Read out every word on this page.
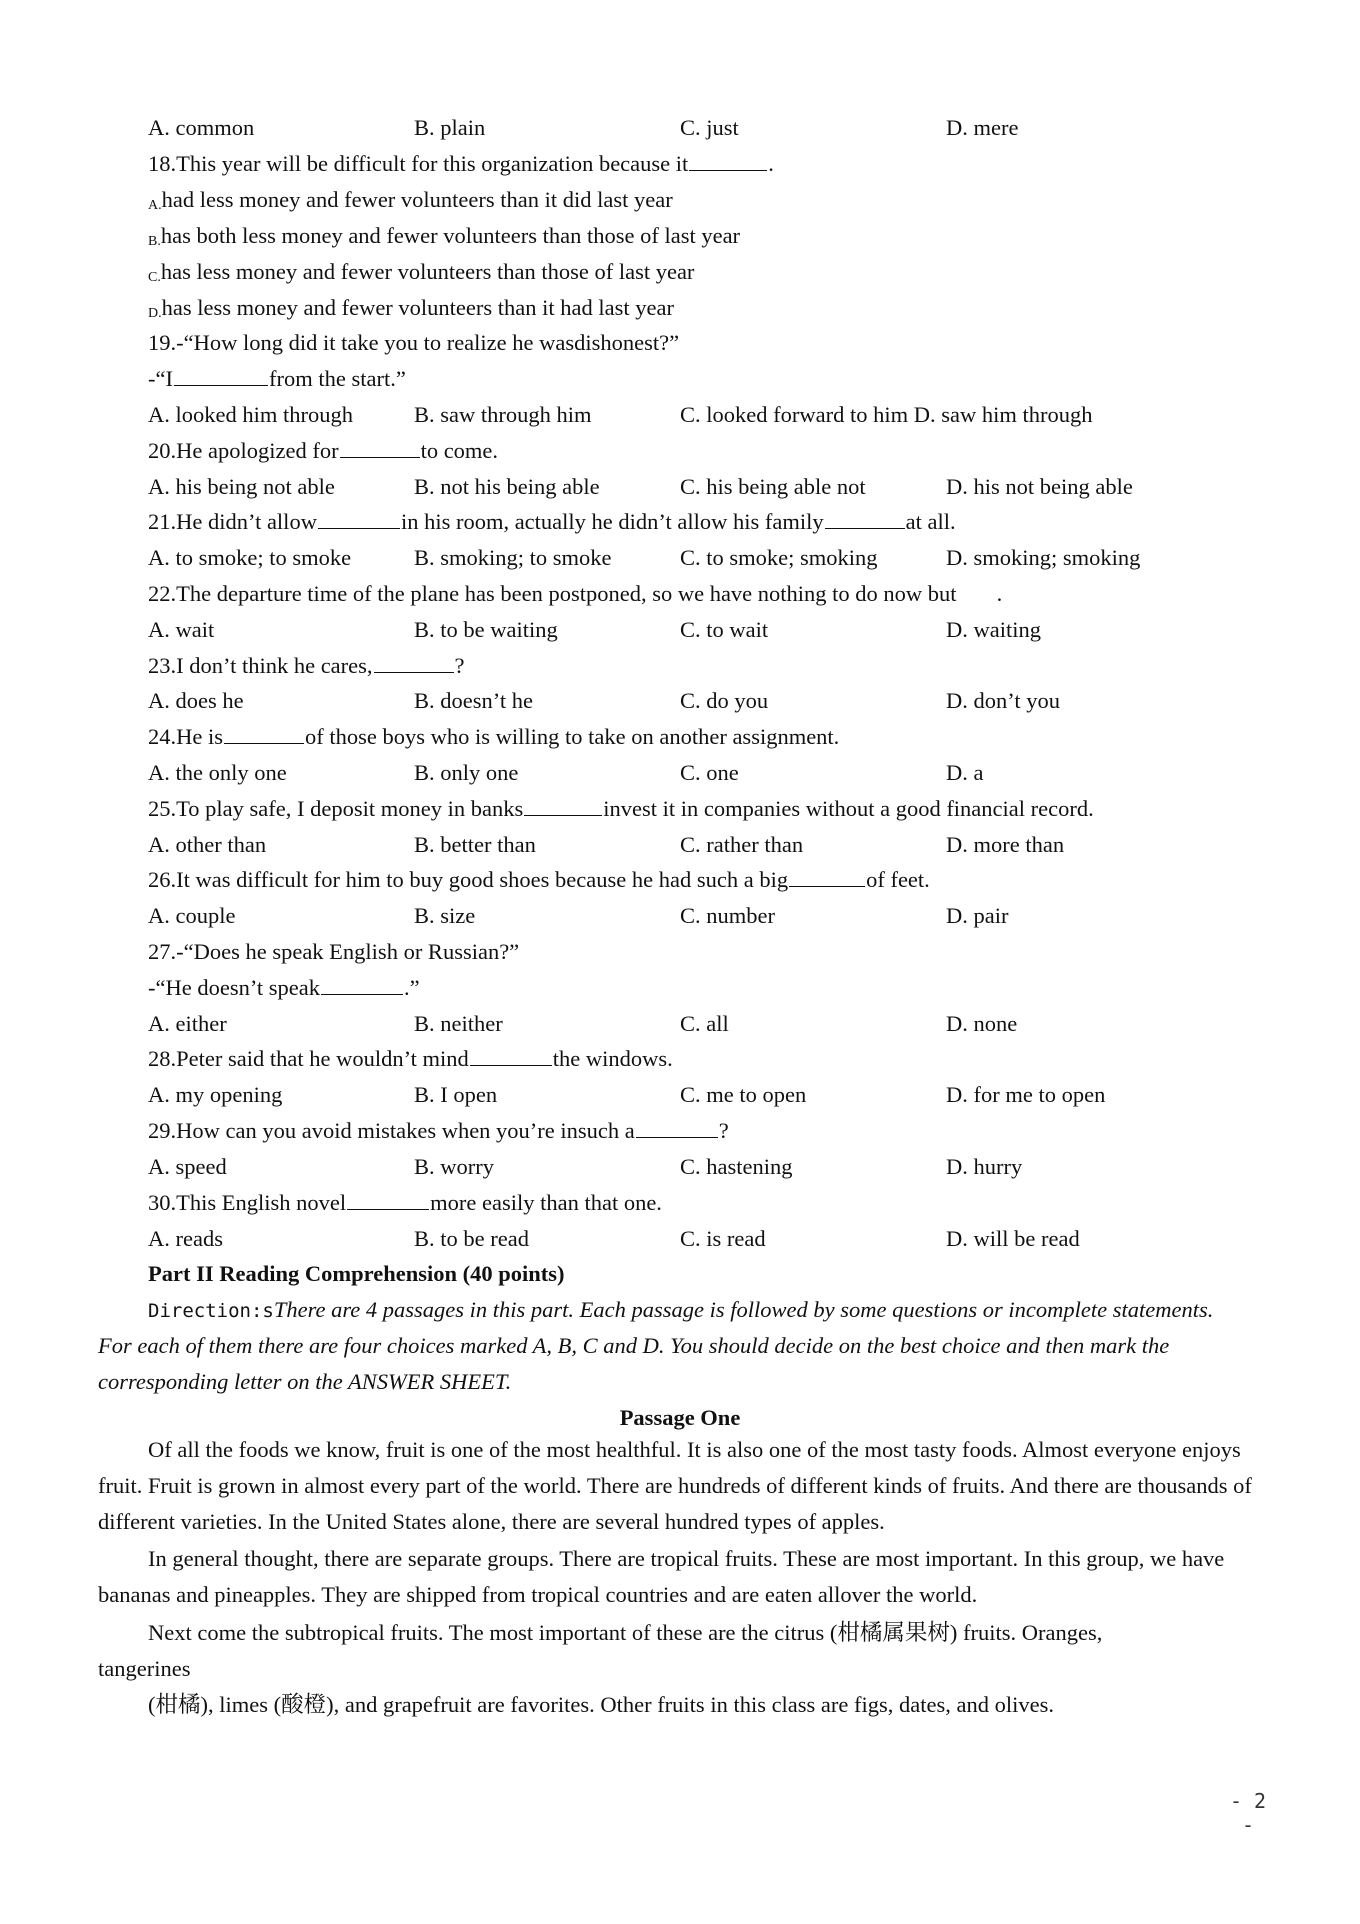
A. common	B. plain	C. just	D. mere
18.This year will be difficult for this organization because it	.
A.had less money and fewer volunteers than it did last year
B.has both less money and fewer volunteers than those of last year
C.has less money and fewer volunteers than those of last year
D.has less money and fewer volunteers than it had last year
19.-“How long did it take you to realize he wasdishonest?”
-“I	from the start.”
A. looked him through	B. saw through him	C. looked forward to him D. saw him through
20.He apologized for	to come.
A. his being not able	B. not his being able	C. his being able not	D. his not being able
21.He didn’t allow	in his room, actually he didn’t allow his family	at all.
A. to smoke; to smoke	B. smoking; to smoke	C. to smoke; smoking	D. smoking; smoking
22.The departure time of the plane has been postponed, so we have nothing to do now but .
A. wait	B. to be waiting	C. to wait	D. waiting
23.I don’t think he cares,	?
A. does he	B. doesn’t he	C. do you	D. don’t you
24.He is	of those boys who is willing to take on another assignment.
A. the only one	B. only one	C. one	D. a
25.To play safe, I deposit money in banks	invest it in companies without a good financial record.
A. other than	B. better than	C. rather than	D. more than
26.It was difficult for him to buy good shoes because he had such a big	of feet.
A. couple	B. size	C. number	D. pair
27.-“Does he speak English or Russian?”
-“He doesn’t speak	.”
A. either	B. neither	C. all	D. none
28.Peter said that he wouldn’t mind	the windows.
A. my opening	B. I open	C. me to open	D. for me to open
29.How can you avoid mistakes when you’re insuch a	?
A. speed	B. worry	C. hastening	D. hurry
30.This English novel	more easily than that one.
A. reads	B. to be read	C. is read	D. will be read
Part II Reading Comprehension (40 points)
Direction:sThere are 4 passages in this part. Each passage is followed by some questions or incomplete statements.
For each of them there are four choices marked A, B, C and D. You should decide on the best choice and then mark the
corresponding letter on the ANSWER SHEET.
Passage One
Of all the foods we know, fruit is one of the most healthful. It is also one of the most tasty foods. Almost everyone enjoys fruit. Fruit is grown in almost every part of the world. There are hundreds of different kinds of fruits. And there are thousands of different varieties. In the United States alone, there are several hundred types of apples.
In general thought, there are separate groups. There are tropical fruits. These are most important. In this group, we have bananas and pineapples. They are shipped from tropical countries and are eaten allover the world.
Next come the subtropical fruits. The most important of these are the citrus (柑橘属果树) fruits. Oranges,
tangerines
(柑橘), limes (酸橙), and grapefruit are favorites. Other fruits in this class are figs, dates, and olives.
- 2 -
